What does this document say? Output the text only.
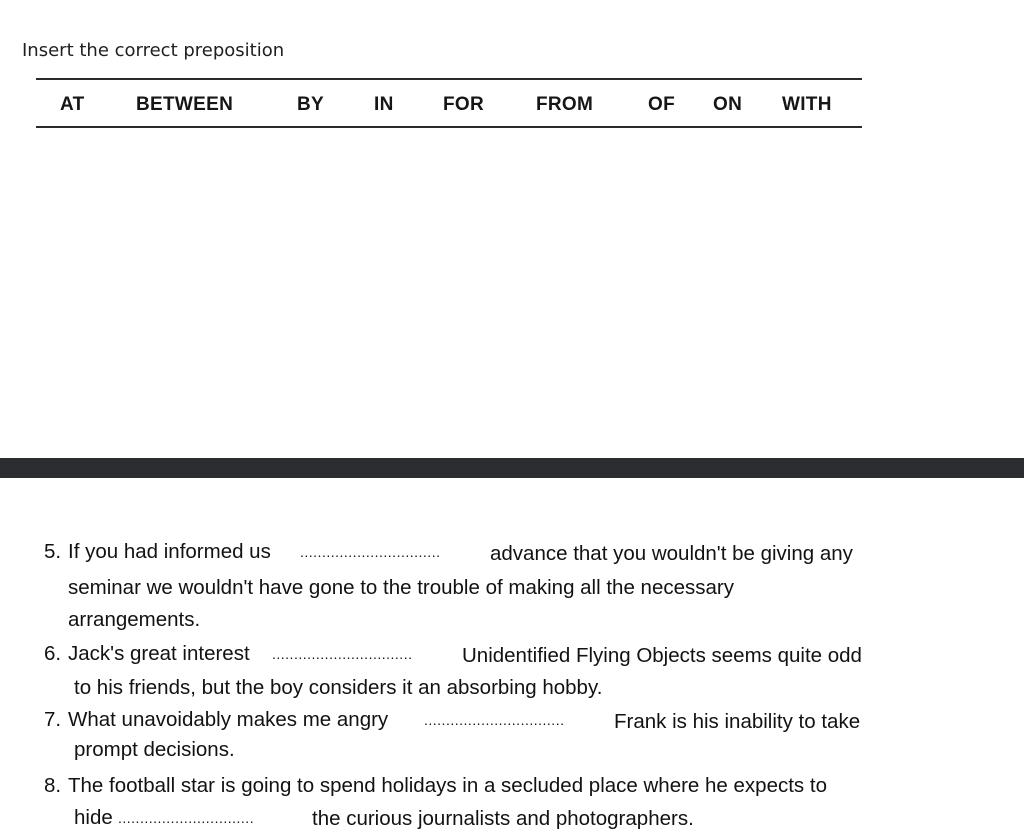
Insert the correct preposition

AT	BETWEEN	BY	IN	FOR	FROM	OF ON WITH
5. If you had informed us ................................ advance that you wouldn't be giving any
seminar we wouldn't have gone to the trouble of making all the necessary
arrangements.
6. Jack's great interest ................................ Unidentified Flying Objects seems quite odd
to his friends, but the boy considers it an absorbing hobby.
7. What unavoidably makes me angry	................................ Frank is his inability to take
prompt decisions.
8. The football star is going to spend holidays in a secluded place where he expects to
hide ...............................	the curious journalists and photographers.
